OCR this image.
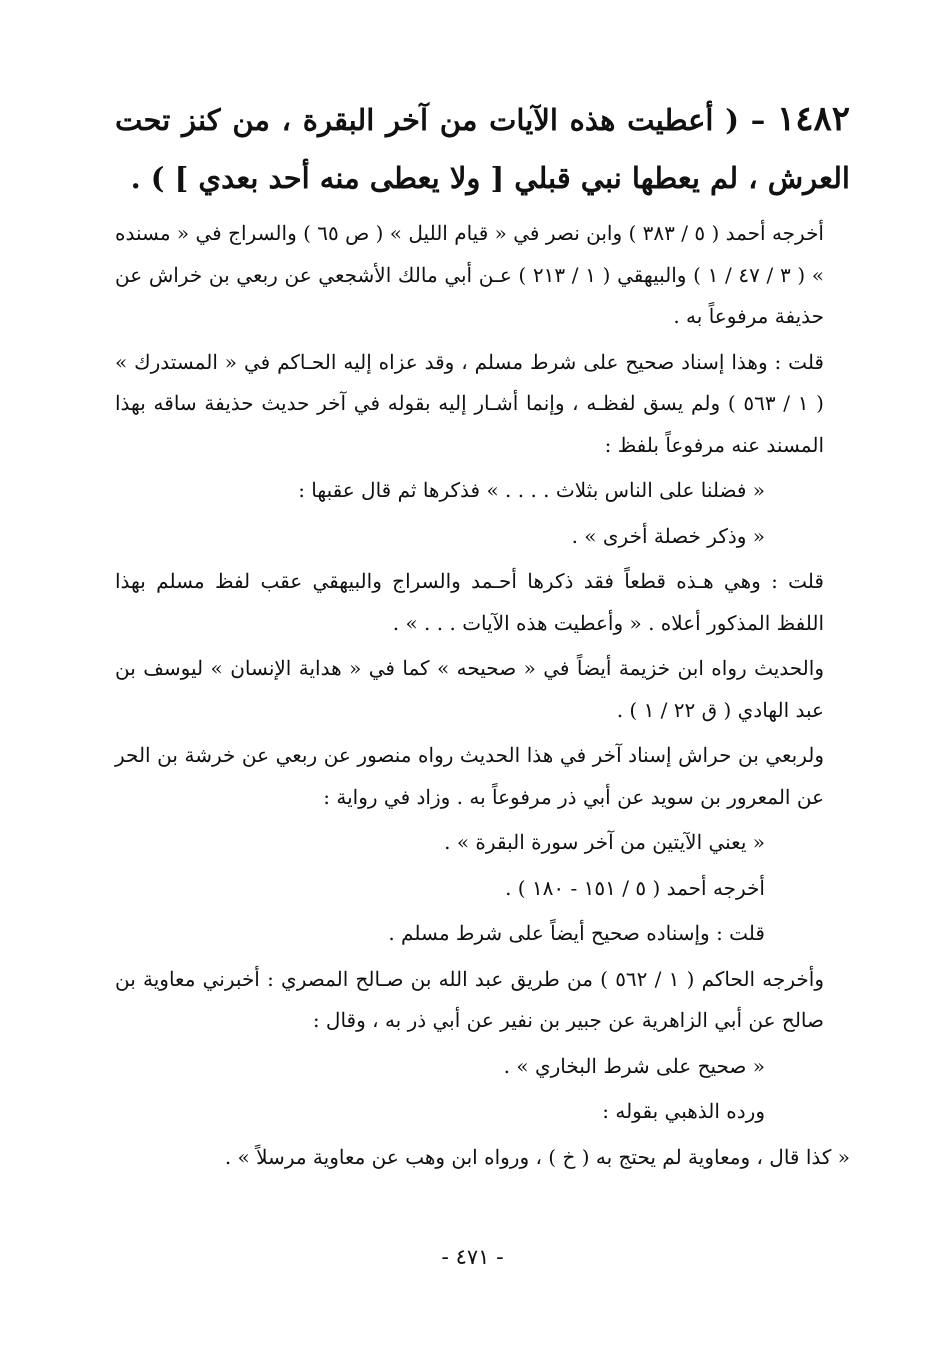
١٤٨٢ – ( أعطيت هذه الآيات من آخر البقرة ، من كنز تحت العرش ، لم يعطها نبي قبلي [ ولا يعطى منه أحد بعدي ] ) .

أخرجه أحمد ( ٥ / ٣٨٣ ) وابن نصر في « قيام الليل » ( ص ٦٥ ) والسراج في « مسنده » ( ٣ / ٤٧ / ١ ) والبيهقي ( ١ / ٢١٣ ) عـن أبي مالك الأشجعي عن ربعي بن خراش عن حذيفة مرفوعاً به .

قلت : وهذا إسناد صحيح على شرط مسلم ، وقد عزاه إليه الحـاكم في « المستدرك » ( ١ / ٥٦٣ ) ولم يسق لفظـه ، وإنما أشـار إليه بقوله في آخر حديث حذيفة ساقه بهذا المسند عنه مرفوعاً بلفظ :

« فضلنا على الناس بثلاث . . . . » فذكرها ثم قال عقبها :

« وذكر خصلة أخرى » .

قلت : وهي هـذه قطعاً فقد ذكرها أحـمد والسراج والبيهقي عقب لفظ مسلم بهذا اللفظ المذكور أعلاه . « وأعطيت هذه الآيات . . . » .

والحديث رواه ابن خزيمة أيضاً في « صحيحه » كما في « هداية الإنسان » ليوسف بن عبد الهادي ( ق ٢٢ / ١ ) .

ولربعي بن حراش إسناد آخر في هذا الحديث رواه منصور عن ربعي عن خرشة بن الحر عن المعرور بن سويد عن أبي ذر مرفوعاً به . وزاد في رواية :

« يعني الآيتين من آخر سورة البقرة » .

أخرجه أحمد ( ٥ / ١٥١ - ١٨٠ ) .

قلت : وإسناده صحيح أيضاً على شرط مسلم .

وأخرجه الحاكم ( ١ / ٥٦٢ ) من طريق عبد الله بن صـالح المصري : أخبرني معاوية بن صالح عن أبي الزاهرية عن جبير بن نفير عن أبي ذر به ، وقال :

« صحيح على شرط البخاري » .

ورده الذهبي بقوله :

« كذا قال ، ومعاوية لم يحتج به ( خ ) ، ورواه ابن وهب عن معاوية مرسلاً » .

- ٤٧١ -
